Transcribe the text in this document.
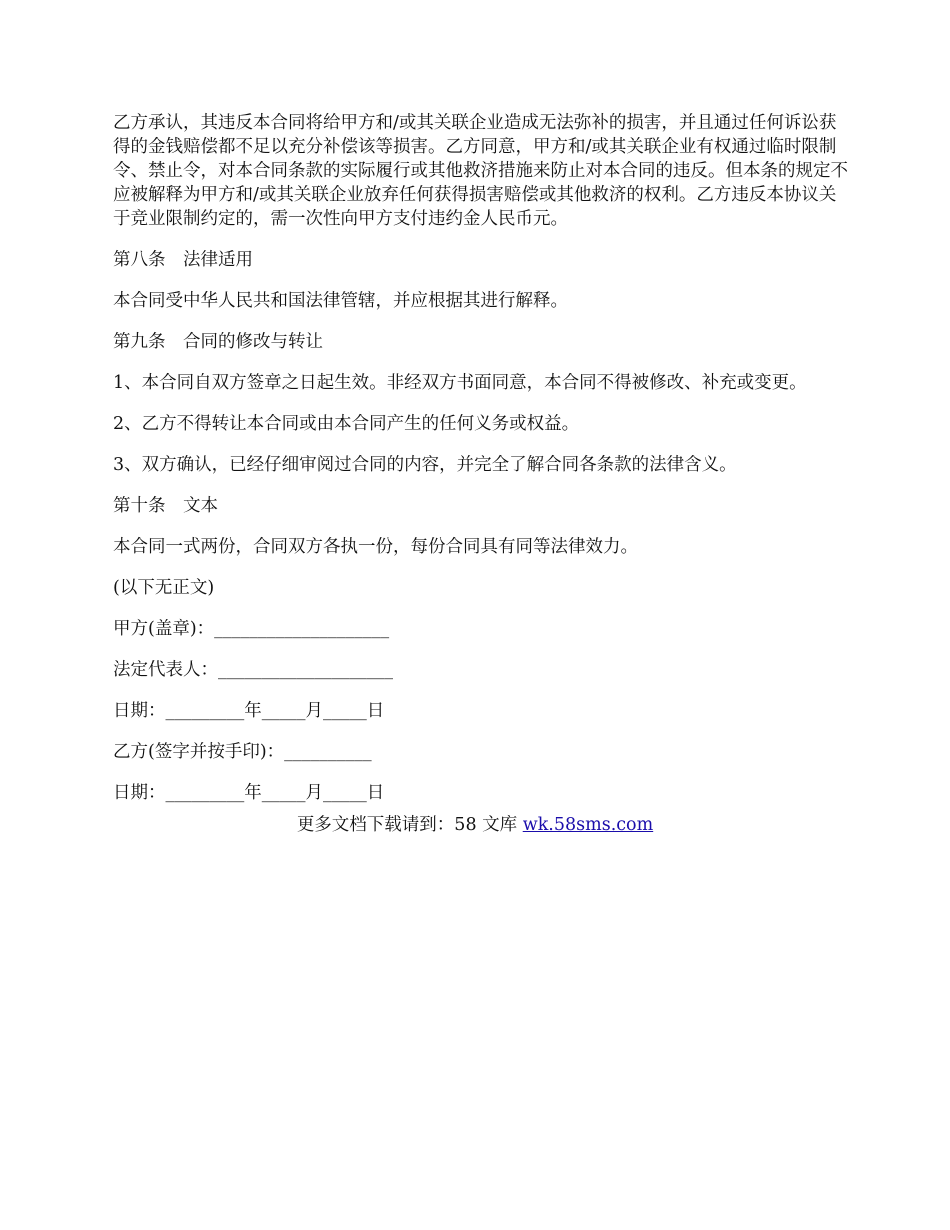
乙方承认，其违反本合同将给甲方和/或其关联企业造成无法弥补的损害，并且通过任何诉讼获得的金钱赔偿都不足以充分补偿该等损害。乙方同意，甲方和/或其关联企业有权通过临时限制令、禁止令，对本合同条款的实际履行或其他救济措施来防止对本合同的违反。但本条的规定不应被解释为甲方和/或其关联企业放弃任何获得损害赔偿或其他救济的权利。乙方违反本协议关于竞业限制约定的，需一次性向甲方支付违约金人民币元。

第八条　法律适用

本合同受中华人民共和国法律管辖，并应根据其进行解释。

第九条　合同的修改与转让

1、本合同自双方签章之日起生效。非经双方书面同意，本合同不得被修改、补充或变更。

2、乙方不得转让本合同或由本合同产生的任何义务或权益。

3、双方确认，已经仔细审阅过合同的内容，并完全了解合同各条款的法律含义。

第十条　文本

本合同一式两份，合同双方各执一份，每份合同具有同等法律效力。

(以下无正文)

甲方(盖章)：____________________

法定代表人：____________________

日期：_________年_____月_____日

乙方(签字并按手印)：__________

日期：_________年_____月_____日

更多文档下载请到：58 文库 wk.58sms.com
